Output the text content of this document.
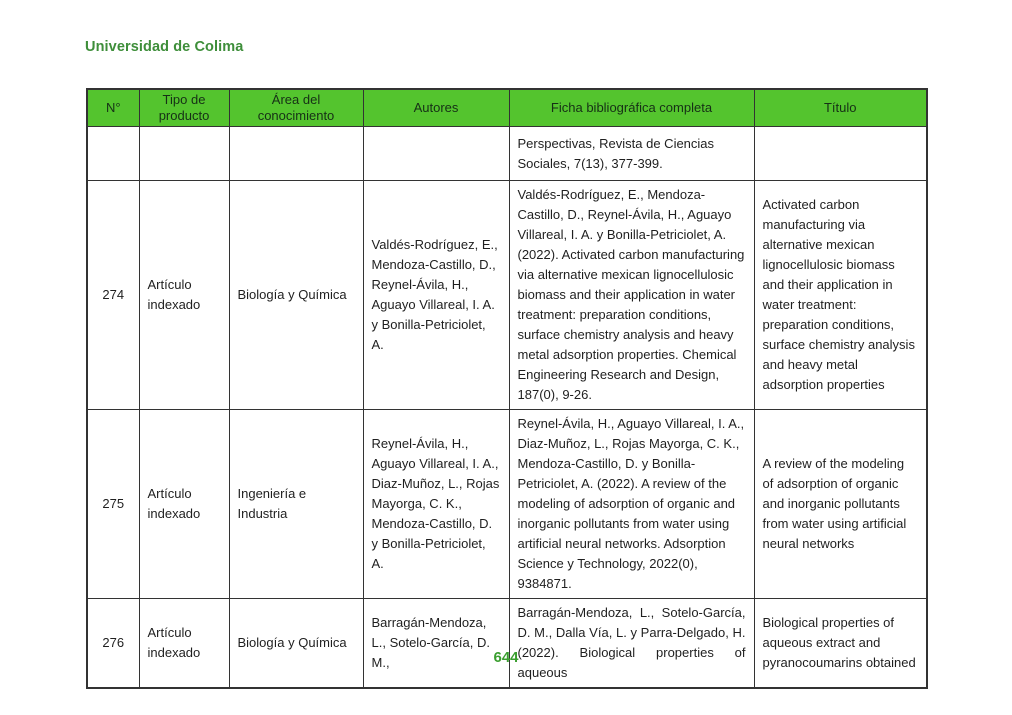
Universidad de Colima
N°	Tipo de producto	Área del conocimiento	Autores	Ficha bibliográfica completa	Título
				Perspectivas, Revista de Ciencias Sociales, 7(13), 377-399.	
274	Artículo indexado	Biología y Química	Valdés-Rodríguez, E., Mendoza-Castillo, D., Reynel-Ávila, H., Aguayo Villareal, I. A. y Bonilla-Petriciolet, A.	Valdés-Rodríguez, E., Mendoza-Castillo, D., Reynel-Ávila, H., Aguayo Villareal, I. A. y Bonilla-Petriciolet, A. (2022). Activated carbon manufacturing via alternative mexican lignocellulosic biomass and their application in water treatment: preparation conditions, surface chemistry analysis and heavy metal adsorption properties. Chemical Engineering Research and Design, 187(0), 9-26.	Activated carbon manufacturing via alternative mexican lignocellulosic biomass and their application in water treatment: preparation conditions, surface chemistry analysis and heavy metal adsorption properties
275	Artículo indexado	Ingeniería e Industria	Reynel-Ávila, H., Aguayo Villareal, I. A., Diaz-Muñoz, L., Rojas Mayorga, C. K., Mendoza-Castillo, D. y Bonilla-Petriciolet, A.	Reynel-Ávila, H., Aguayo Villareal, I. A., Diaz-Muñoz, L., Rojas Mayorga, C. K., Mendoza-Castillo, D. y Bonilla-Petriciolet, A. (2022). A review of the modeling of adsorption of organic and inorganic pollutants from water using artificial neural networks. Adsorption Science y Technology, 2022(0), 9384871.	A review of the modeling of adsorption of organic and inorganic pollutants from water using artificial neural networks
276	Artículo indexado	Biología y Química	Barragán-Mendoza, L., Sotelo-García, D. M.,	Barragán-Mendoza, L., Sotelo-García, D. M., Dalla Vía, L. y Parra-Delgado, H. (2022). Biological properties of aqueous	Biological properties of aqueous extract and pyranocoumarins obtained
644
